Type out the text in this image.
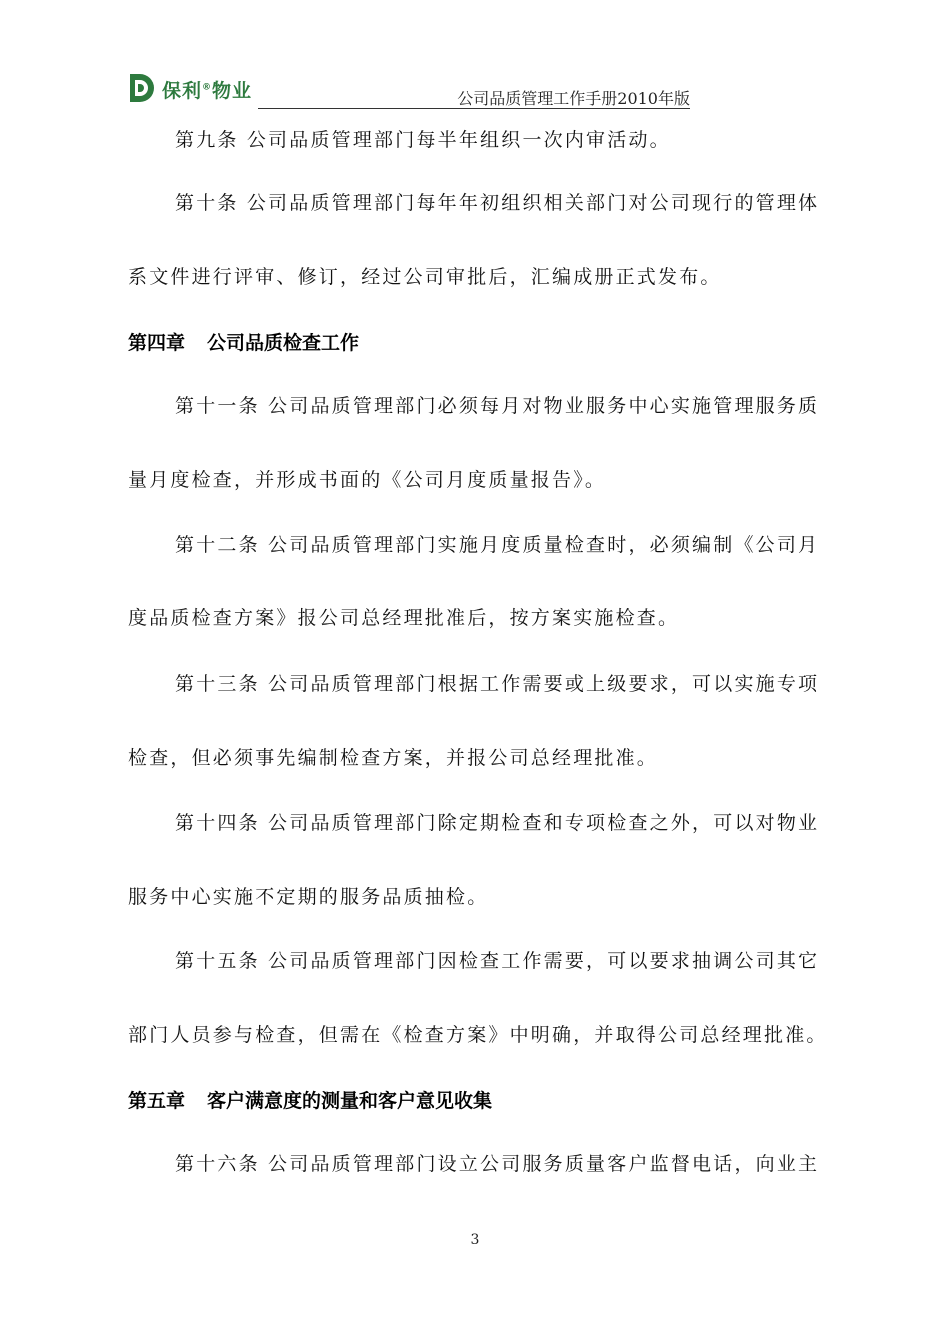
保利®物业	公司品质管理工作手册2010年版
第九条 公司品质管理部门每半年组织一次内审活动。
第十条 公司品质管理部门每年年初组织相关部门对公司现行的管理体
系文件进行评审、修订，经过公司审批后，汇编成册正式发布。
第四章 公司品质检查工作
第十一条 公司品质管理部门必须每月对物业服务中心实施管理服务质
量月度检查，并形成书面的《公司月度质量报告》。
第十二条 公司品质管理部门实施月度质量检查时，必须编制《公司月
度品质检查方案》报公司总经理批准后，按方案实施检查。
第十三条 公司品质管理部门根据工作需要或上级要求，可以实施专项
检查，但必须事先编制检查方案，并报公司总经理批准。
第十四条 公司品质管理部门除定期检查和专项检查之外，可以对物业
服务中心实施不定期的服务品质抽检。
第十五条 公司品质管理部门因检查工作需要，可以要求抽调公司其它
部门人员参与检查，但需在《检查方案》中明确，并取得公司总经理批准。
第五章 客户满意度的测量和客户意见收集
第十六条 公司品质管理部门设立公司服务质量客户监督电话，向业主
3
